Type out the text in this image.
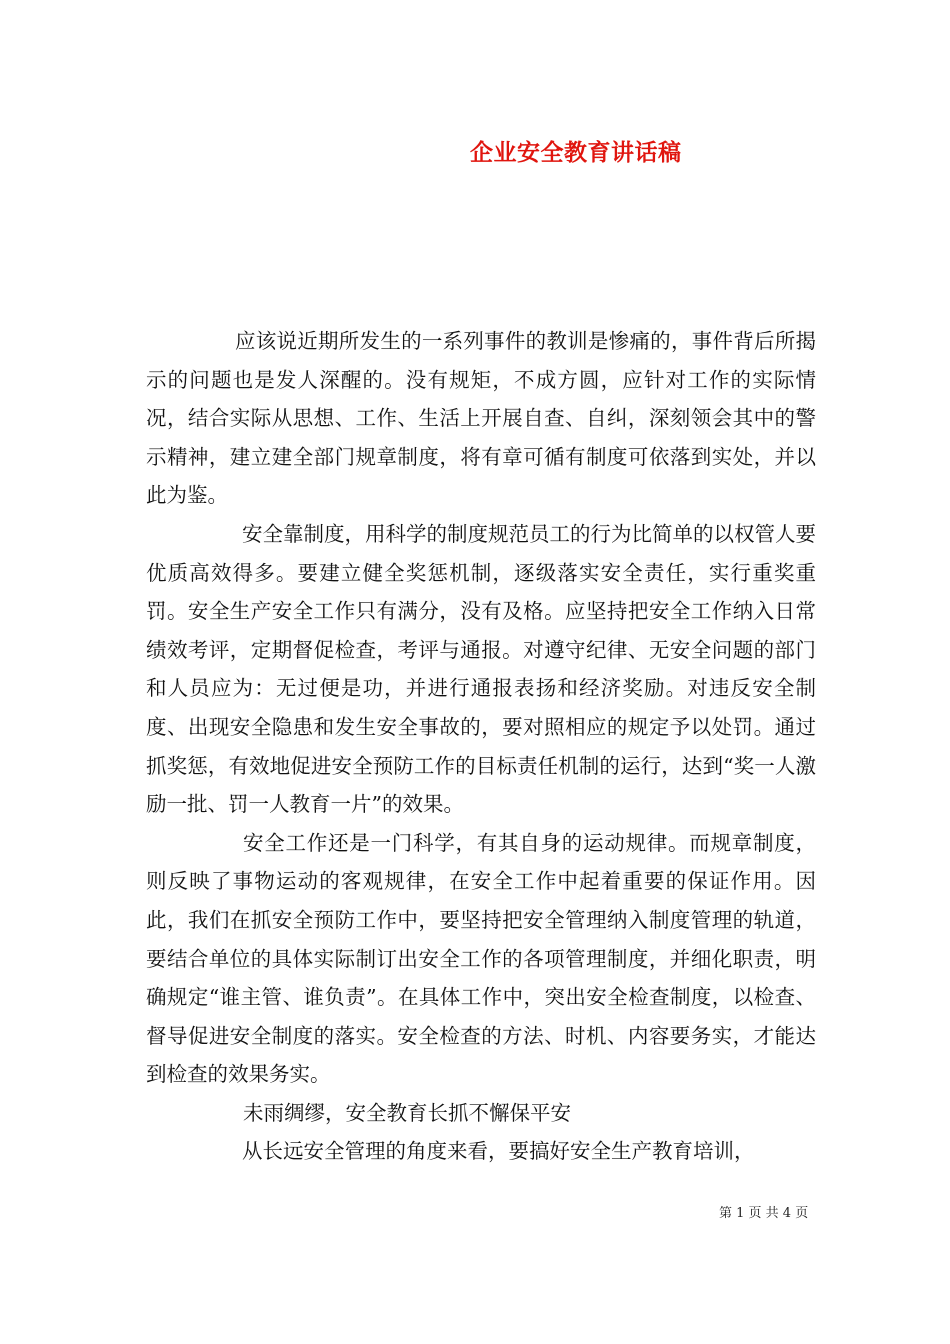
企业安全教育讲话稿

应该说近期所发生的一系列事件的教训是惨痛的，事件背后所揭示的问题也是发人深醒的。没有规矩，不成方圆，应针对工作的实际情况，结合实际从思想、工作、生活上开展自查、自纠，深刻领会其中的警示精神，建立建全部门规章制度，将有章可循有制度可依落到实处，并以此为鉴。

安全靠制度，用科学的制度规范员工的行为比简单的以权管人要优质高效得多。要建立健全奖惩机制，逐级落实安全责任，实行重奖重罚。安全生产安全工作只有满分，没有及格。应坚持把安全工作纳入日常绩效考评，定期督促检查，考评与通报。对遵守纪律、无安全问题的部门和人员应为：无过便是功，并进行通报表扬和经济奖励。对违反安全制度、出现安全隐患和发生安全事故的，要对照相应的规定予以处罚。通过抓奖惩，有效地促进安全预防工作的目标责任机制的运行，达到“奖一人激励一批、罚一人教育一片”的效果。

安全工作还是一门科学，有其自身的运动规律。而规章制度，则反映了事物运动的客观规律，在安全工作中起着重要的保证作用。因此，我们在抓安全预防工作中，要坚持把安全管理纳入制度管理的轨道，要结合单位的具体实际制订出安全工作的各项管理制度，并细化职责，明确规定“谁主管、谁负责”。在具体工作中，突出安全检查制度，以检查、督导促进安全制度的落实。安全检查的方法、时机、内容要务实，才能达到检查的效果务实。

未雨绸缪，安全教育长抓不懈保平安

从长远安全管理的角度来看，要搞好安全生产教育培训，

第 1 页 共 4 页
